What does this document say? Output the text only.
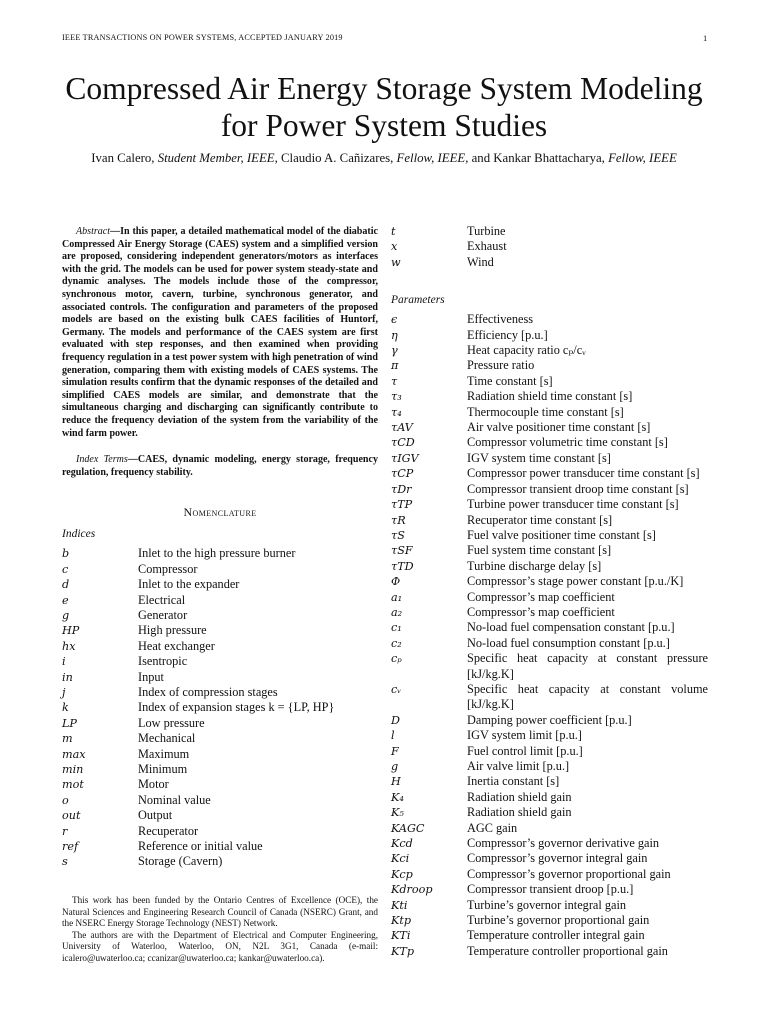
IEEE TRANSACTIONS ON POWER SYSTEMS, ACCEPTED JANUARY 2019	1
Compressed Air Energy Storage System Modeling
for Power System Studies
Ivan Calero, Student Member, IEEE, Claudio A. Cañizares, Fellow, IEEE, and Kankar Bhattacharya, Fellow, IEEE

Abstract—In this paper, a detailed mathematical model of the diabatic Compressed Air Energy Storage (CAES) system and a simplified version are proposed, considering independent generators/motors as interfaces with the grid. The models can be used for power system steady-state and dynamic analyses. The models include those of the compressor, synchronous motor, cavern, turbine, synchronous generator, and associated controls. The configuration and parameters of the proposed models are based on the existing bulk CAES facilities of Huntorf, Germany. The models and performance of the CAES system are first evaluated with step responses, and then examined when providing frequency regulation in a test power system with high penetration of wind generation, comparing them with existing models of CAES systems. The simulation results confirm that the dynamic responses of the detailed and simplified CAES models are similar, and demonstrate that the simultaneous charging and discharging can significantly contribute to reduce the frequency deviation of the system from the variability of the wind farm power.

Index Terms—CAES, dynamic modeling, energy storage, frequency regulation, frequency stability.

Nomenclature
Indices
b	Inlet to the high pressure burner
c	Compressor
d	Inlet to the expander
e	Electrical
g	Generator
HP	High pressure
hx	Heat exchanger
i	Isentropic
in	Input
j	Index of compression stages
k	Index of expansion stages k = {LP, HP}
LP	Low pressure
m	Mechanical
max	Maximum
min	Minimum
mot	Motor
o	Nominal value
out	Output
r	Recuperator
ref	Reference or initial value
s	Storage (Cavern)
t	Turbine
x	Exhaust
w	Wind
Parameters
ϵ	Effectiveness
η	Efficiency [p.u.]
γ	Heat capacity ratio cₚ/cᵥ
π	Pressure ratio
τ	Time constant [s]
τ₃	Radiation shield time constant [s]
τ₄	Thermocouple time constant [s]
τAV	Air valve positioner time constant [s]
τCD	Compressor volumetric time constant [s]
τIGV	IGV system time constant [s]
τCP	Compressor power transducer time constant [s]
τDr	Compressor transient droop time constant [s]
τTP	Turbine power transducer time constant [s]
τR	Recuperator time constant [s]
τS	Fuel valve positioner time constant [s]
τSF	Fuel system time constant [s]
τTD	Turbine discharge delay [s]
Φ	Compressor’s stage power constant [p.u./K]
a₁	Compressor’s map coefficient
a₂	Compressor’s map coefficient
c₁	No-load fuel compensation constant [p.u.]
c₂	No-load fuel consumption constant [p.u.]
cₚ	Specific heat capacity at constant pressure [kJ/kg.K]
cᵥ	Specific heat capacity at constant volume [kJ/kg.K]
D	Damping power coefficient [p.u.]
l	IGV system limit [p.u.]
F	Fuel control limit [p.u.]
g	Air valve limit [p.u.]
H	Inertia constant [s]
K₄	Radiation shield gain
K₅	Radiation shield gain
KAGC	AGC gain
Kcd	Compressor’s governor derivative gain
Kci	Compressor’s governor integral gain
Kcp	Compressor’s governor proportional gain
Kdroop	Compressor transient droop [p.u.]
Kti	Turbine’s governor integral gain
Ktp	Turbine’s governor proportional gain
KTi	Temperature controller integral gain
KTp	Temperature controller proportional gain

This work has been funded by the Ontario Centres of Excellence (OCE), the Natural Sciences and Engineering Research Council of Canada (NSERC) Grant, and the NSERC Energy Storage Technology (NEST) Network.

The authors are with the Department of Electrical and Computer Engineering, University of Waterloo, Waterloo, ON, N2L 3G1, Canada (e-mail: icalero@uwaterloo.ca; ccanizar@uwaterloo.ca; kankar@uwaterloo.ca).
